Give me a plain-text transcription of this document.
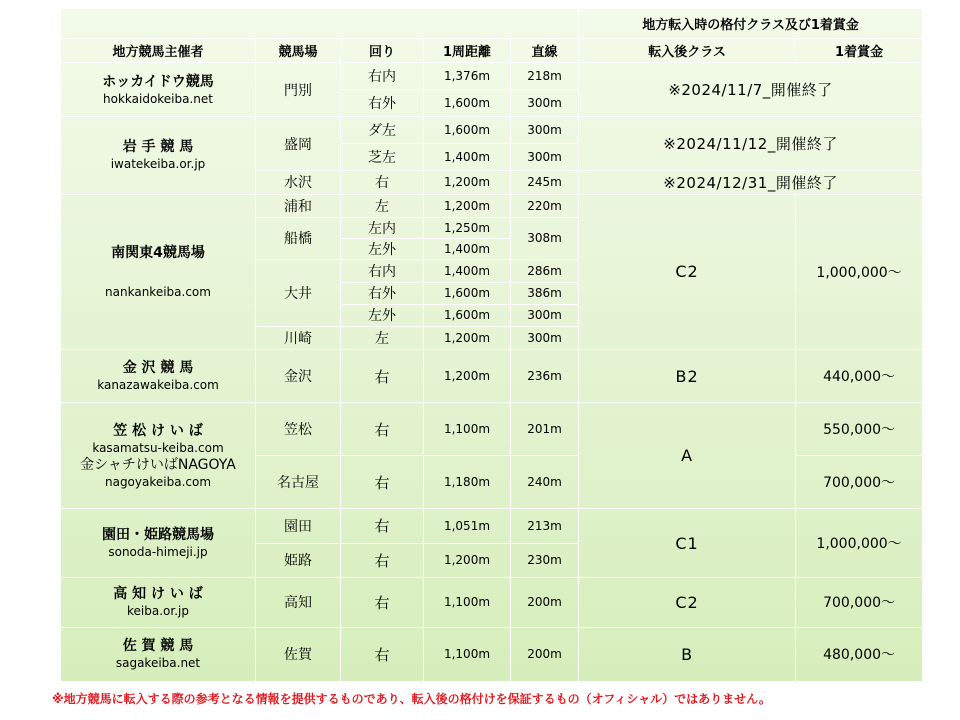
					地方転入時の格付クラス及び1着賞金	
地方競馬主催者	競馬場	回り	1周距離	直線	転入後クラス	1着賞金

ホッカイドウ競馬
hokkaidokeiba.net	門別	右内	1,376m	218m	※2024/11/7_開催終了	
		右外	1,600m	300m		

岩 手 競 馬
iwatekeiba.or.jp	盛岡	ダ左	1,600m	300m	※2024/11/12_開催終了	
		芝左	1,400m	300m		
	水沢	右	1,200m	245m	※2024/12/31_開催終了	

南関東4競馬場
nankankeiba.com	浦和	左	1,200m	220m	C2	1,000,000～
	船橋	左内	1,250m	308m		
		左外	1,400m			
	大井	右内	1,400m	286m		
		右外	1,600m	386m		
		左外	1,600m	300m		
	川崎	左	1,200m	300m		

金 沢 競 馬
kanazawakeiba.com	金沢	右	1,200m	236m	B2	440,000～

笠 松 け い ば
kasamatsu-keiba.com
金シャチけいばNAGOYA
nagoyakeiba.com	笠松	右	1,100m	201m	A	550,000～
	名古屋	右	1,180m	240m		700,000～

園田・姫路競馬場
sonoda-himeji.jp	園田	右	1,051m	213m	C1	1,000,000～
	姫路	右	1,200m	230m		

高 知 け い ば
keiba.or.jp	高知	右	1,100m	200m	C2	700,000～

佐 賀 競 馬
sagakeiba.net	佐賀	右	1,100m	200m	B	480,000～
※地方競馬に転入する際の参考となる情報を提供するものであり、転入後の格付けを保証するもの（オフィシャル）ではありません。
